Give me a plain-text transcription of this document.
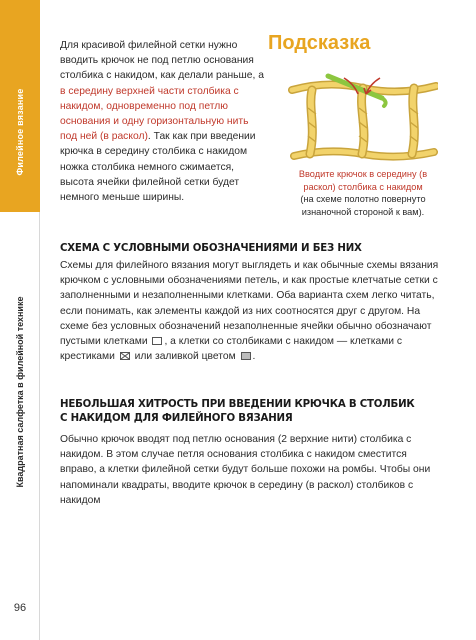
Филейное вязание
Квадратная салфетка в филейной технике
96
Для красивой филейной сетки нужно вводить крючок не под петлю основания столбика с накидом, как делали раньше, а в середину верхней части столбика с накидом, одновременно под петлю основания и одну горизонтальную нить под ней (в раскол). Так как при введении крючка в середину столбика с накидом ножка столбика немного сжимается, высота ячейки филейной сетки будет немного меньше ширины.
Подсказка
Вводите крючок в середину (в раскол) столбика с накидом
(на схеме полотно повернуто изнаночной стороной к вам).
СХЕМА С УСЛОВНЫМИ ОБОЗНАЧЕНИЯМИ И БЕЗ НИХ
Схемы для филейного вязания могут выглядеть и как обычные схемы вязания крючком с условными обозначениями петель, и как простые клетчатые сетки с заполненными и незаполненными клетками. Оба варианта схем легко читать, если понимать, как элементы каждой из них соотносятся друг с другом. На схеме без условных обозначений незаполненные ячейки обычно обозначают пустыми клетками , а клетки со столбиками с накидом — клетками с крестиками
или заливкой цветом .
НЕБОЛЬШАЯ ХИТРОСТЬ ПРИ ВВЕДЕНИИ КРЮЧКА В СТОЛБИК
С НАКИДОМ ДЛЯ ФИЛЕЙНОГО ВЯЗАНИЯ
Обычно крючок вводят под петлю основания (2 верхние нити) столбика с накидом. В этом случае петля основания столбика с накидом сместится вправо, а клетки филейной сетки будут больше похожи на ромбы. Чтобы они напоминали квадраты, вводите крючок в середину (в раскол) столбиков с накидом
